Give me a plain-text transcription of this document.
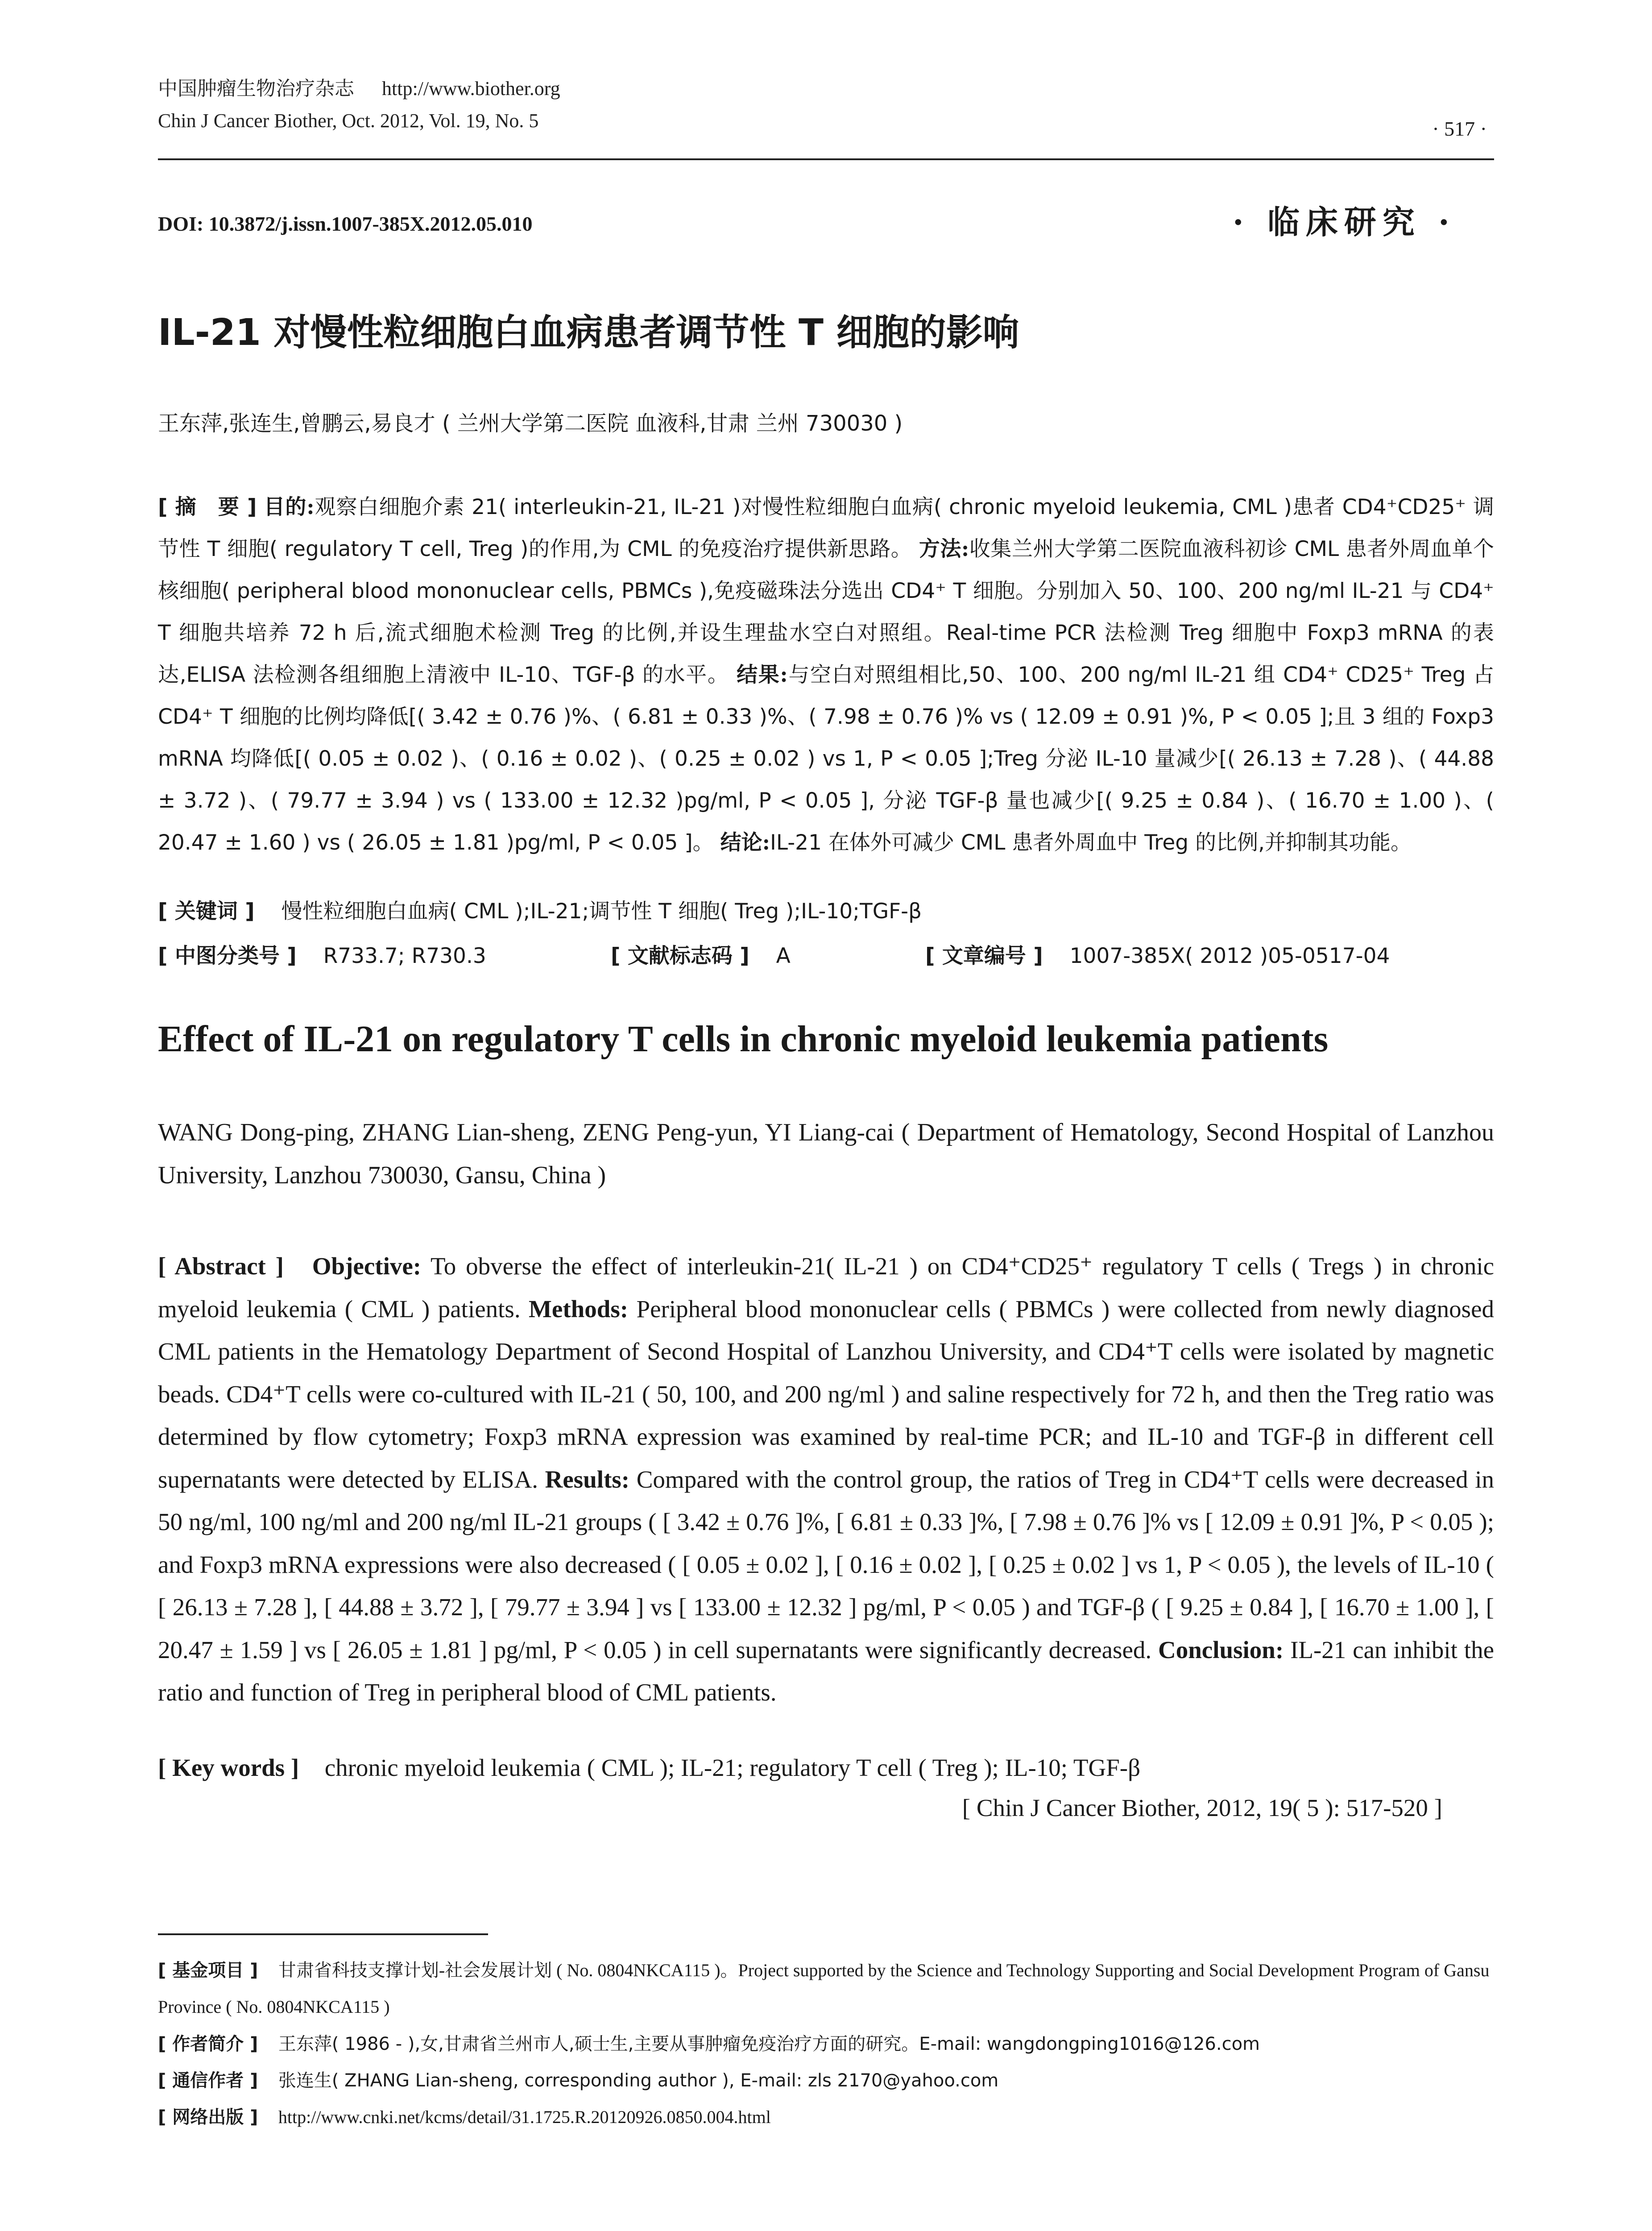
中国肿瘤生物治疗杂志 http://www.biother.org
Chin J Cancer Biother, Oct. 2012, Vol. 19, No. 5	· 517 ·
DOI: 10.3872/j.issn.1007-385X.2012.05.010	· 临床研究 ·
IL-21 对慢性粒细胞白血病患者调节性 T 细胞的影响
王东萍,张连生,曾鹏云,易良才 ( 兰州大学第二医院 血液科,甘肃 兰州 730030 )
[ 摘　要 ] 目的:观察白细胞介素 21( interleukin-21, IL-21 )对慢性粒细胞白血病( chronic myeloid leukemia, CML )患者 CD4⁺CD25⁺ 调节性 T 细胞( regulatory T cell, Treg )的作用,为 CML 的免疫治疗提供新思路。 方法:收集兰州大学第二医院血液科初诊 CML 患者外周血单个核细胞( peripheral blood mononuclear cells, PBMCs ),免疫磁珠法分选出 CD4⁺ T 细胞。分别加入 50、100、200 ng/ml IL-21 与 CD4⁺ T 细胞共培养 72 h 后,流式细胞术检测 Treg 的比例,并设生理盐水空白对照组。Real-time PCR 法检测 Treg 细胞中 Foxp3 mRNA 的表达,ELISA 法检测各组细胞上清液中 IL-10、TGF-β 的水平。 结果:与空白对照组相比,50、100、200 ng/ml IL-21 组 CD4⁺ CD25⁺ Treg 占 CD4⁺ T 细胞的比例均降低[( 3.42 ± 0.76 )%、( 6.81 ± 0.33 )%、( 7.98 ± 0.76 )% vs ( 12.09 ± 0.91 )%, P < 0.05 ];且 3 组的 Foxp3 mRNA 均降低[( 0.05 ± 0.02 )、( 0.16 ± 0.02 )、( 0.25 ± 0.02 ) vs 1, P < 0.05 ];Treg 分泌 IL-10 量减少[( 26.13 ± 7.28 )、( 44.88 ± 3.72 )、( 79.77 ± 3.94 ) vs ( 133.00 ± 12.32 )pg/ml, P < 0.05 ], 分泌 TGF-β 量也减少[( 9.25 ± 0.84 )、( 16.70 ± 1.00 )、( 20.47 ± 1.60 ) vs ( 26.05 ± 1.81 )pg/ml, P < 0.05 ]。 结论:IL-21 在体外可减少 CML 患者外周血中 Treg 的比例,并抑制其功能。
[ 关键词 ] 慢性粒细胞白血病( CML );IL-21;调节性 T 细胞( Treg );IL-10;TGF-β
[ 中图分类号 ] R733.7; R730.3	[ 文献标志码 ] A	[ 文章编号 ] 1007-385X( 2012 )05-0517-04
Effect of IL-21 on regulatory T cells in chronic myeloid leukemia patients
WANG Dong-ping, ZHANG Lian-sheng, ZENG Peng-yun, YI Liang-cai ( Department of Hematology, Second Hospital of Lanzhou University, Lanzhou 730030, Gansu, China )
[ Abstract ] Objective: To obverse the effect of interleukin-21( IL-21 ) on CD4⁺CD25⁺ regulatory T cells ( Tregs ) in chronic myeloid leukemia ( CML ) patients. Methods: Peripheral blood mononuclear cells ( PBMCs ) were collected from newly diagnosed CML patients in the Hematology Department of Second Hospital of Lanzhou University, and CD4⁺T cells were isolated by magnetic beads. CD4⁺T cells were co-cultured with IL-21 ( 50, 100, and 200 ng/ml ) and saline respectively for 72 h, and then the Treg ratio was determined by flow cytometry; Foxp3 mRNA expression was examined by real-time PCR; and IL-10 and TGF-β in different cell supernatants were detected by ELISA. Results: Compared with the control group, the ratios of Treg in CD4⁺T cells were decreased in 50 ng/ml, 100 ng/ml and 200 ng/ml IL-21 groups ( [ 3.42 ± 0.76 ]%, [ 6.81 ± 0.33 ]%, [ 7.98 ± 0.76 ]% vs [ 12.09 ± 0.91 ]%, P < 0.05 ); and Foxp3 mRNA expressions were also decreased ( [ 0.05 ± 0.02 ], [ 0.16 ± 0.02 ], [ 0.25 ± 0.02 ] vs 1, P < 0.05 ), the levels of IL-10 ( [ 26.13 ± 7.28 ], [ 44.88 ± 3.72 ], [ 79.77 ± 3.94 ] vs [ 133.00 ± 12.32 ] pg/ml, P < 0.05 ) and TGF-β ( [ 9.25 ± 0.84 ], [ 16.70 ± 1.00 ], [ 20.47 ± 1.59 ] vs [ 26.05 ± 1.81 ] pg/ml, P < 0.05 ) in cell supernatants were significantly decreased. Conclusion: IL-21 can inhibit the ratio and function of Treg in peripheral blood of CML patients.
[ Key words ] chronic myeloid leukemia ( CML ); IL-21; regulatory T cell ( Treg ); IL-10; TGF-β
[ Chin J Cancer Biother, 2012, 19( 5 ): 517-520 ]
[ 基金项目 ] 甘肃省科技支撑计划-社会发展计划 ( No. 0804NKCA115 )。Project supported by the Science and Technology Supporting and Social Development Program of Gansu Province ( No. 0804NKCA115 )
[ 作者简介 ] 王东萍( 1986 - ),女,甘肃省兰州市人,硕士生,主要从事肿瘤免疫治疗方面的研究。E-mail: wangdongping1016@126.com
[ 通信作者 ] 张连生( ZHANG Lian-sheng, corresponding author ), E-mail: zls 2170@yahoo.com
[ 网络出版 ] http://www.cnki.net/kcms/detail/31.1725.R.20120926.0850.004.html
